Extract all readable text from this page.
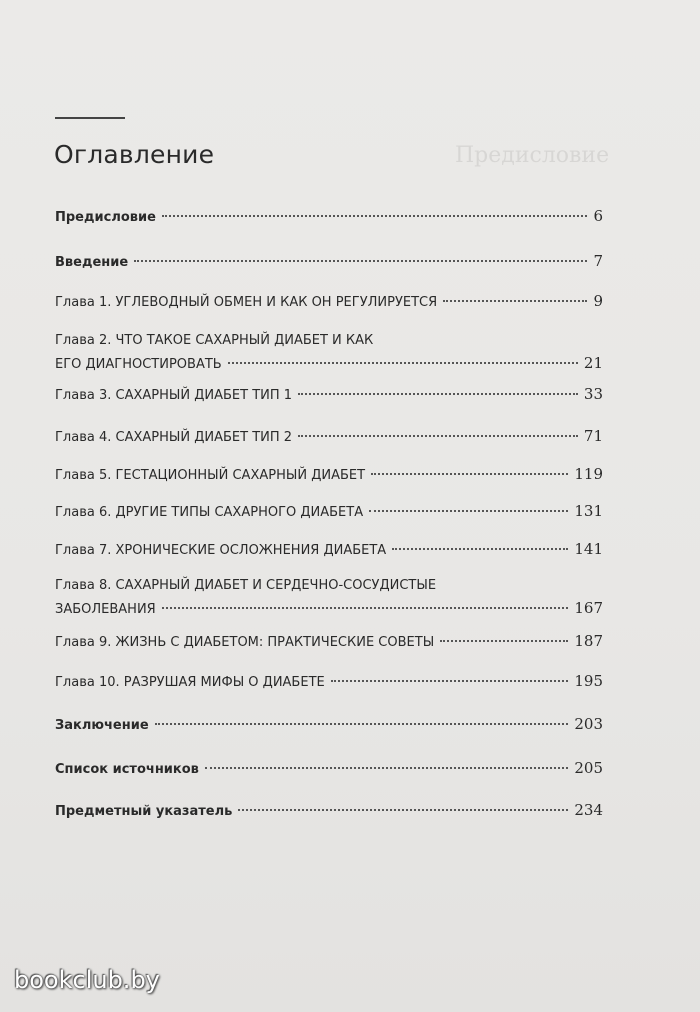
Оглавление	Предисловие
Предисловие	6
Введение	7
Глава 1. УГЛЕВОДНЫЙ ОБМЕН И КАК ОН РЕГУЛИРУЕТСЯ	9
Глава 2. ЧТО ТАКОЕ САХАРНЫЙ ДИАБЕТ И КАК
ЕГО ДИАГНОСТИРОВАТЬ	21
Глава 3. САХАРНЫЙ ДИАБЕТ ТИП 1	33
Глава 4. САХАРНЫЙ ДИАБЕТ ТИП 2	71
Глава 5. ГЕСТАЦИОННЫЙ САХАРНЫЙ ДИАБЕТ	119
Глава 6. ДРУГИЕ ТИПЫ САХАРНОГО ДИАБЕТА	131
Глава 7. ХРОНИЧЕСКИЕ ОСЛОЖНЕНИЯ ДИАБЕТА	141
Глава 8. САХАРНЫЙ ДИАБЕТ И СЕРДЕЧНО-СОСУДИСТЫЕ
ЗАБОЛЕВАНИЯ	167
Глава 9. ЖИЗНЬ С ДИАБЕТОМ: ПРАКТИЧЕСКИЕ СОВЕТЫ	187
Глава 10. РАЗРУШАЯ МИФЫ О ДИАБЕТЕ	195
Заключение	203
Список источников	205
Предметный указатель	234
bookclub.by
